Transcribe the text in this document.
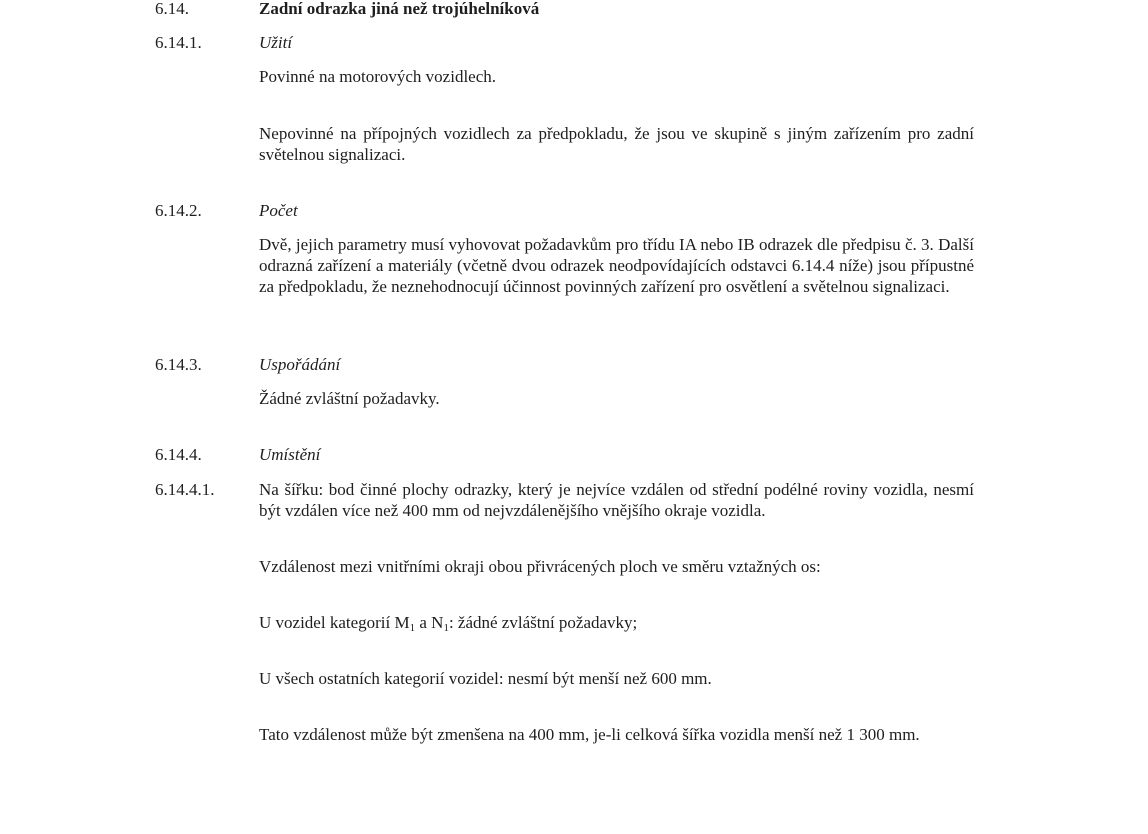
6.14.	Zadní odrazka jiná než trojúhelníková
6.14.1.	Užití
Povinné na motorových vozidlech.
Nepovinné na přípojných vozidlech za předpokladu, že jsou ve skupině s jiným zařízením pro zadní světelnou signalizaci.
6.14.2.	Počet
Dvě, jejich parametry musí vyhovovat požadavkům pro třídu IA nebo IB odrazek dle předpisu č. 3. Další odrazná zařízení a materiály (včetně dvou odrazek neodpovídajících odstavci 6.14.4 níže) jsou přípustné za předpokladu, že neznehodnocují účinnost povinných zařízení pro osvětlení a světelnou signalizaci.
6.14.3.	Uspořádání
Žádné zvláštní požadavky.
6.14.4.	Umístění
6.14.4.1.	Na šířku: bod činné plochy odrazky, který je nejvíce vzdálen od střední podélné roviny vozidla, nesmí být vzdálen více než 400 mm od nejvzdálenějšího vnějšího okraje vozidla.
Vzdálenost mezi vnitřními okraji obou přivrácených ploch ve směru vztažných os:
U vozidel kategorií $M_1$ a $N_1$: žádné zvláštní požadavky;
U všech ostatních kategorií vozidel: nesmí být menší než 600 mm.
Tato vzdálenost může být zmenšena na 400 mm, je-li celková šířka vozidla menší než 1 300 mm.
